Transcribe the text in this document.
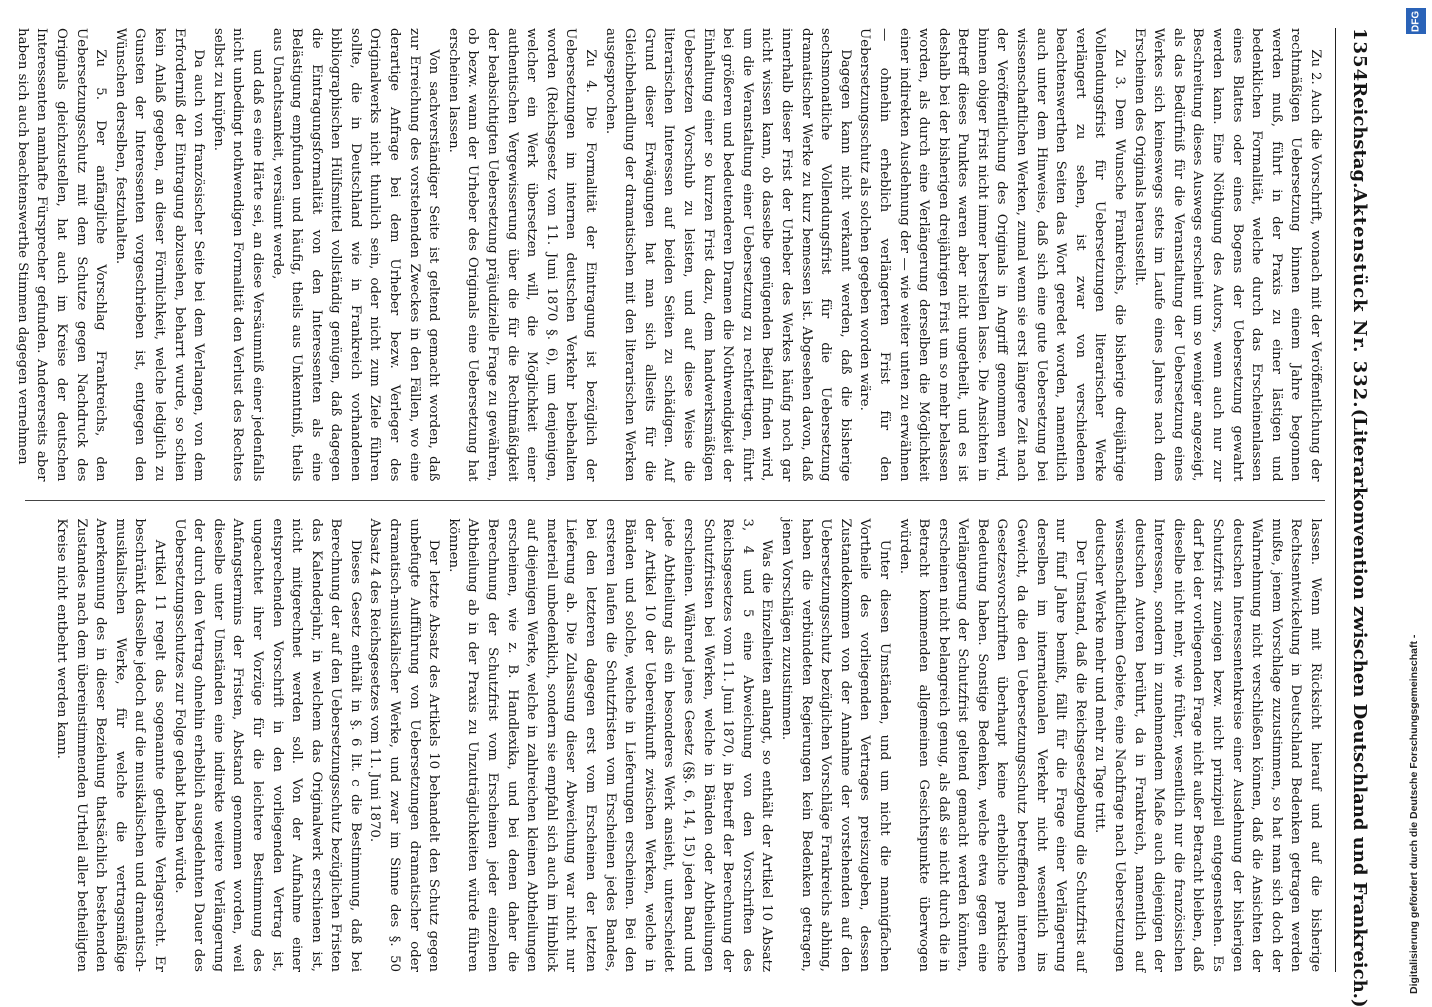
1354
Reichstag.
Aktenstück Nr. 332.
(Literarkonvention zwischen Deutschland und Frankreich.)

Zu 2. Auch die Vorschrift, wonach mit der Veröffentlichung der rechtmäßigen Uebersetzung binnen einem Jahre begonnen werden muß, führt in der Praxis zu einer lästigen und bedenklichen Formalität, welche durch das Erscheinenlassen eines Blattes oder eines Bogens der Uebersetzung gewahrt werden kann. Eine Nöthigung des Autors, wenn auch nur zur Beschreitung dieses Auswegs erscheint um so weniger angezeigt, als das Bedürfniß für die Veranstaltung der Uebersetzung eines Werkes sich keineswegs stets im Laufe eines Jahres nach dem Erscheinen des Originals herausstellt.

Zu 3. Dem Wunsche Frankreichs, die bisherige dreijährige Vollendungsfrist für Uebersetzungen literarischer Werke verlängert zu sehen, ist zwar von verschiedenen beachtenswerthen Seiten das Wort geredet worden, namentlich auch unter dem Hinweise, daß sich eine gute Uebersetzung bei wissenschaftlichen Werken, zumal wenn sie erst längere Zeit nach der Veröffentlichung des Originals in Angriff genommen wird, binnen obiger Frist nicht immer herstellen lasse. Die Ansichten in Betreff dieses Punktes waren aber nicht ungetheilt, und es ist deshalb bei der bisherigen dreijährigen Frist um so mehr belassen worden, als durch eine Verlängerung derselben die Möglichkeit einer indirekten Ausdehnung der — wie weiter unten zu erwähnen — ohnehin erheblich verlängerten Frist für den Uebersetzungsschutz als solchen gegeben worden wäre.

Dagegen kann nicht verkannt werden, daß die bisherige sechsmonatliche Vollendungsfrist für die Uebersetzung dramatischer Werke zu kurz bemessen ist. Abgesehen davon, daß innerhalb dieser Frist der Urheber des Werkes häufig noch gar nicht wissen kann, ob dasselbe genügenden Beifall finden wird, um die Veranstaltung einer Uebersetzung zu rechtfertigen, führt bei größeren und bedeutenderen Dramen die Nothwendigkeit der Einhaltung einer so kurzen Frist dazu, dem handwerksmäßigen Uebersetzen Vorschub zu leisten, und auf diese Weise die literarischen Interessen auf beiden Seiten zu schädigen. Auf Grund dieser Erwägungen hat man sich allseits für die Gleichbehandlung der dramatischen mit den literarischen Werken ausgesprochen.

Zu 4. Die Formalität der Eintragung ist bezüglich der Uebersetzungen im internen deutschen Verkehr beibehalten worden (Reichsgesetz vom 11. Juni 1870 §. 6), um denjenigen, welcher ein Werk übersetzen will, die Möglichkeit einer authentischen Vergewisserung über die für die Rechtmäßigkeit der beabsichtigten Uebersetzung präjudizielle Frage zu gewähren, ob bezw. wann der Urheber des Originals eine Uebersetzung hat erscheinen lassen.

Von sachverständiger Seite ist geltend gemacht worden, daß zur Erreichung des vorstehenden Zweckes in den Fällen, wo eine derartige Anfrage bei dem Urheber bezw. Verleger des Originalwerks nicht thunlich sein, oder nicht zum Ziele führen sollte, die in Deutschland wie in Frankreich vorhandenen bibliographischen Hülfsmittel vollständig genügen, daß dagegen die Eintragungsformalität von den Interessenten als eine Belästigung empfunden und häufig, theils aus Unkenntniß, theils aus Unachtsamkeit, versäumt werde,

und daß es eine Härte sei, an diese Versäumniß einer jedenfalls nicht unbedingt nothwendigen Formalität den Verlust des Rechtes selbst zu knüpfen.

Da auch von französischer Seite bei dem Verlangen, von dem Erforderniß der Eintragung abzusehen, beharrt wurde, so schien kein Anlaß gegeben, an dieser Förmlichkeit, welche lediglich zu Gunsten der Interessenten vorgeschrieben ist, entgegen den Wünschen derselben, festzuhalten.

Zu 5. Der anfängliche Vorschlag Frankreichs, den Uebersetzungsschutz mit dem Schutze gegen Nachdruck des Originals gleichzustellen, hat auch im Kreise der deutschen Interessenten namhafte Fürsprecher gefunden. Andererseits aber haben sich auch beachtenswerthe Stimmen dagegen vernehmen

lassen. Wenn mit Rücksicht hierauf und auf die bisherige Rechtsentwickelung in Deutschland Bedenken getragen werden mußte, jenem Vorschlage zuzustimmen, so hat man sich doch der Wahrnehmung nicht verschließen können, daß die Ansichten der deutschen Interessentenkreise einer Ausdehnung der bisherigen Schutzfrist zuneigen bezw. nicht prinzipiell entgegenstehen. Es darf bei der vorliegenden Frage nicht außer Betracht bleiben, daß dieselbe nicht mehr, wie früher, wesentlich nur die französischen Interessen, sondern in zunehmendem Maße auch diejenigen der deutschen Autoren berührt, da in Frankreich, namentlich auf wissenschaftlichem Gebiete, eine Nachfrage nach Uebersetzungen deutscher Werke mehr und mehr zu Tage tritt.

Der Umstand, daß die Reichsgesetzgebung die Schutzfrist auf nur fünf Jahre bemißt, fällt für die Frage einer Verlängerung derselben im internationalen Verkehr nicht wesentlich ins Gewicht, da die den Uebersetzungsschutz betreffenden internen Gesetzesvorschriften überhaupt keine erhebliche praktische Bedeutung haben. Sonstige Bedenken, welche etwa gegen eine Verlängerung der Schutzfrist geltend gemacht werden könnten, erscheinen nicht belangreich genug, als daß sie nicht durch die in Betracht kommenden allgemeinen Gesichtspunkte überwogen würden.

Unter diesen Umständen, und um nicht die mannigfachen Vortheile des vorliegenden Vertrages preiszugeben, dessen Zustandekommen von der Annahme der vorstehenden auf den Uebersetzungsschutz bezüglichen Vorschläge Frankreichs abhing, haben die verbündeten Regierungen kein Bedenken getragen, jenen Vorschlägen zuzustimmen.

Was die Einzelheiten anlangt, so enthält der Artikel 10 Absatz 3, 4 und 5 eine Abweichung von den Vorschriften des Reichsgesetzes vom 11. Juni 1870, in Betreff der Berechnung der Schutzfristen bei Werken, welche in Bänden oder Abtheilungen erscheinen. Während jenes Gesetz (§§. 6, 14, 15) jeden Band und jede Abtheilung als ein besonderes Werk ansieht, unterscheidet der Artikel 10 der Uebereinkunft zwischen Werken, welche in Bänden und solche, welche in Lieferungen erscheinen. Bei den ersteren laufen die Schutzfristen vom Erscheinen jedes Bandes, bei den letzteren dagegen erst vom Erscheinen der letzten Lieferung ab. Die Zulassung dieser Abweichung war nicht nur materiell unbedenklich, sondern sie empfahl sich auch im Hinblick auf diejenigen Werke, welche in zahlreichen kleinen Abtheilungen erscheinen, wie z. B. Handlexika, und bei denen daher die Berechnung der Schutzfrist vom Erscheinen jeder einzelnen Abtheilung ab in der Praxis zu Unzuträglichkeiten würde führen können.

Der letzte Absatz des Artikels 10 behandelt den Schutz gegen unbefugte Aufführung von Uebersetzungen dramatischer oder dramatisch-musikalischer Werke, und zwar im Sinne des §. 50 Absatz 4 des Reichsgesetzes vom 11. Juni 1870.

Dieses Gesetz enthält in §. 6 lit. c die Bestimmung, daß bei Berechnung der auf den Uebersetzungsschutz bezüglichen Fristen das Kalenderjahr, in welchem das Originalwerk erschienen ist, nicht mitgerechnet werden soll. Von der Aufnahme einer entsprechenden Vorschrift in den vorliegenden Vertrag ist, ungeachtet ihrer Vorzüge für die leichtere Bestimmung des Anfangstermins der Fristen, Abstand genommen worden, weil dieselbe unter Umständen eine indirekte weitere Verlängerung der durch den Vertrag ohnehin erheblich ausgedehnten Dauer des Uebersetzungsschutzes zur Folge gehabt haben würde.

Artikel 11 regelt das sogenannte getheilte Verlagsrecht. Er beschränkt dasselbe jedoch auf die musikalischen und dramatisch-musikalischen Werke, für welche die vertragsmäßige Anerkennung des in dieser Beziehung thatsächlich bestehenden Zustandes nach dem übereinstimmenden Urtheil aller betheiligten Kreise nicht entbehrt werden kann.

DFG
Digitalisierung gefördert durch die Deutsche Forschungsgemeinschaft -
